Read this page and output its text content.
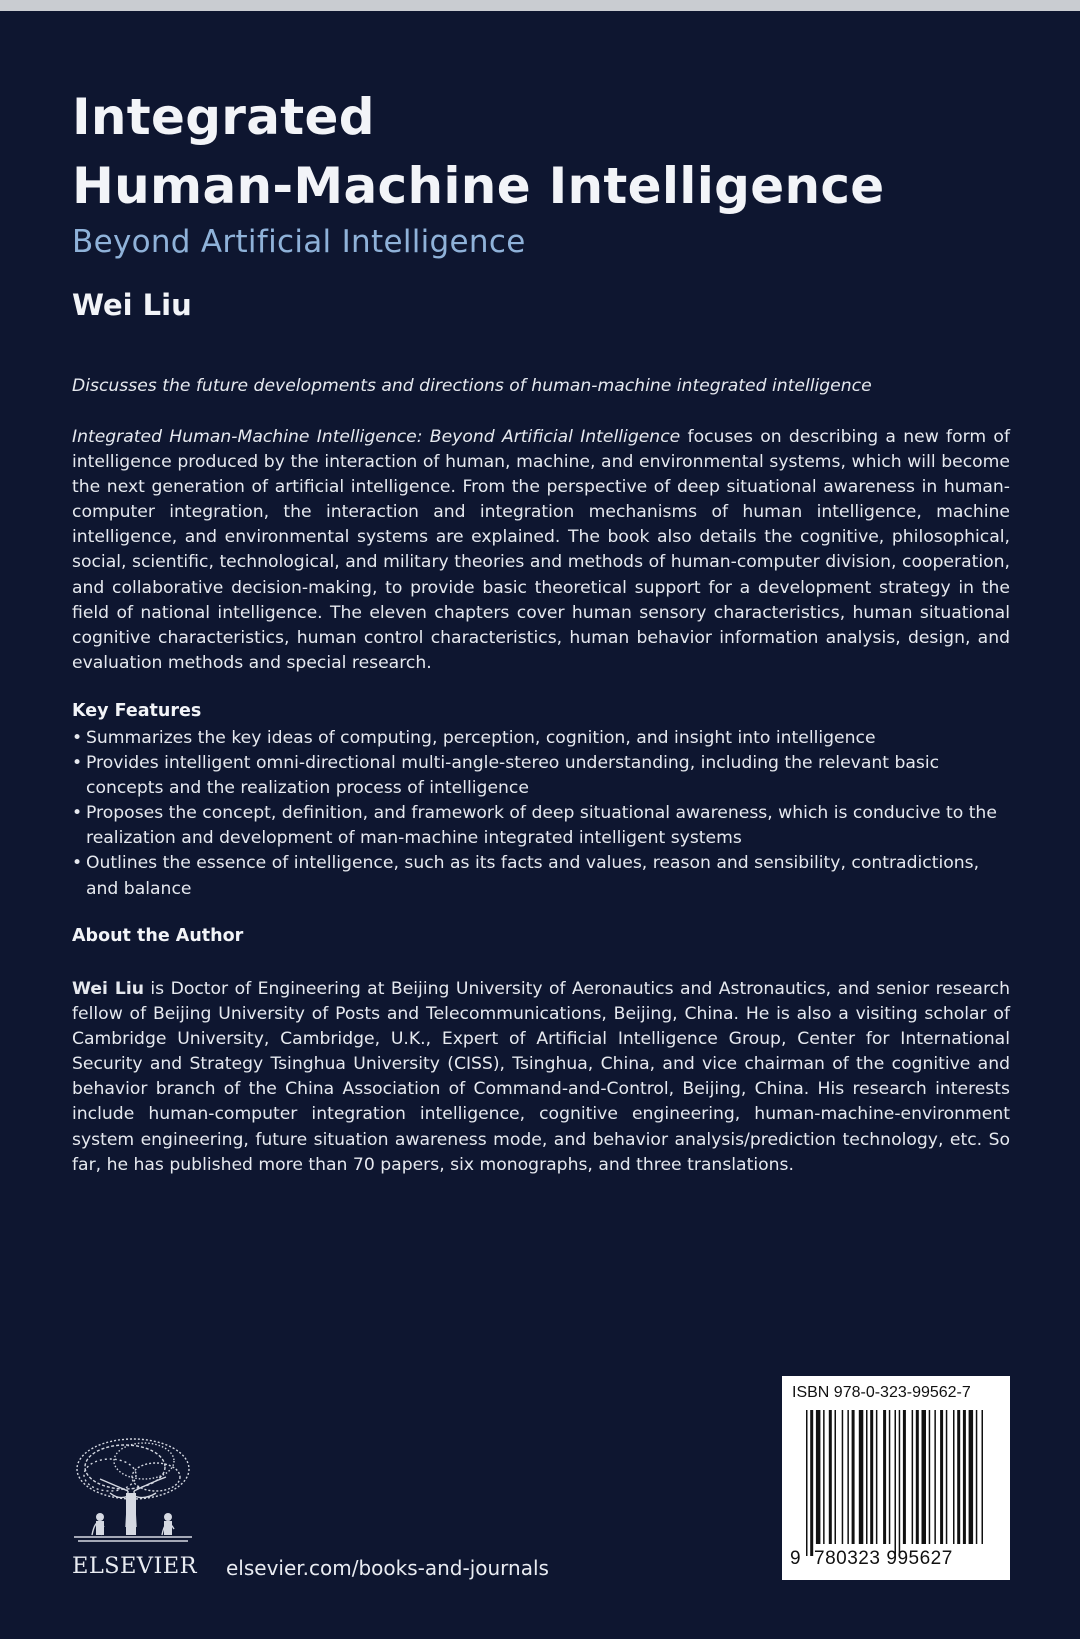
Integrated
Human-Machine Intelligence
Beyond Artificial Intelligence
Wei Liu
Discusses the future developments and directions of human-machine integrated intelligence
Integrated Human-Machine Intelligence: Beyond Artificial Intelligence focuses on describing a new form of intelligence produced by the interaction of human, machine, and environmental systems, which will become the next generation of artificial intelligence. From the perspective of deep situational awareness in human-computer integration, the interaction and integration mechanisms of human intelligence, machine intelligence, and environmental systems are explained. The book also details the cognitive, philosophical, social, scientific, technological, and military theories and methods of human-computer division, cooperation, and collaborative decision-making, to provide basic theoretical support for a development strategy in the field of national intelligence. The eleven chapters cover human sensory characteristics, human situational cognitive characteristics, human control characteristics, human behavior information analysis, design, and evaluation methods and special research.
Key Features
• Summarizes the key ideas of computing, perception, cognition, and insight into intelligence
• Provides intelligent omni-directional multi-angle-stereo understanding, including the relevant basic concepts and the realization process of intelligence
• Proposes the concept, definition, and framework of deep situational awareness, which is conducive to the realization and development of man-machine integrated intelligent systems
• Outlines the essence of intelligence, such as its facts and values, reason and sensibility, contradictions, and balance
About the Author
Wei Liu is Doctor of Engineering at Beijing University of Aeronautics and Astronautics, and senior research fellow of Beijing University of Posts and Telecommunications, Beijing, China. He is also a visiting scholar of Cambridge University, Cambridge, U.K., Expert of Artificial Intelligence Group, Center for International Security and Strategy Tsinghua University (CISS), Tsinghua, China, and vice chairman of the cognitive and behavior branch of the China Association of Command-and-Control, Beijing, China. His research interests include human-computer integration intelligence, cognitive engineering, human-machine-environment system engineering, future situation awareness mode, and behavior analysis/prediction technology, etc. So far, he has published more than 70 papers, six monographs, and three translations.
ELSEVIER elsevier.com/books-and-journals
ISBN 978-0-323-99562-7
9 780323 995627
